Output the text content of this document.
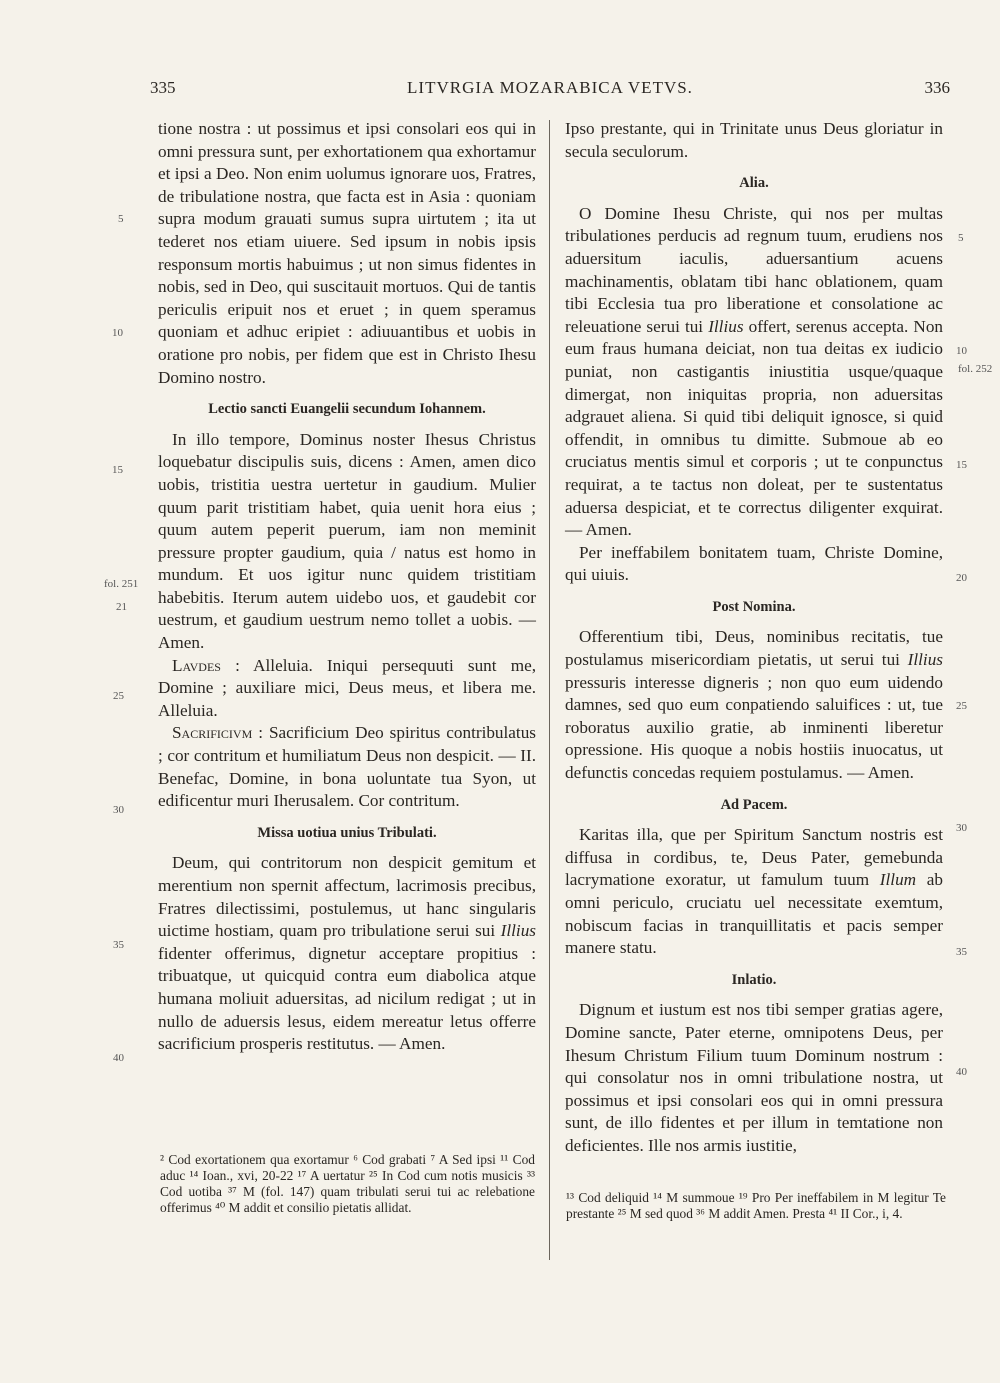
335	LITVRGIA MOZARABICA VETVS.	336

tione nostra : ut possimus et ipsi consolari eos qui in omni pressura sunt, per exhortationem qua exhortamur et ipsi a Deo. Non enim uolumus ignorare uos, Fratres, de tribulatione nostra, que facta est in Asia : quoniam supra modum grauati sumus supra uirtutem ; ita ut tederet nos etiam uiuere. Sed ipsum in nobis ipsis responsum mortis habuimus ; ut non simus fidentes in nobis, sed in Deo, qui suscitauit mortuos. Qui de tantis periculis eripuit nos et eruet ; in quem speramus quoniam et adhuc eripiet : adiuuantibus et uobis in oratione pro nobis, per fidem que est in Christo Ihesu Domino nostro.

Lectio sancti Euangelii secundum Iohannem.

In illo tempore, Dominus noster Ihesus Christus loquebatur discipulis suis, dicens : Amen, amen dico uobis, tristitia uestra uertetur in gaudium. Mulier quum parit tristitiam habet, quia uenit hora eius ; quum autem peperit puerum, iam non meminit pressure propter gaudium, quia / natus est homo in mundum. Et uos igitur nunc quidem tristitiam habebitis. Iterum autem uidebo uos, et gaudebit cor uestrum, et gaudium uestrum nemo tollet a uobis. — Amen.

Lavdes : Alleluia. Iniqui persequuti sunt me, Domine ; auxiliare mici, Deus meus, et libera me. Alleluia.

Sacrificivm : Sacrificium Deo spiritus contribulatus ; cor contritum et humiliatum Deus non despicit. — II. Benefac, Domine, in bona uoluntate tua Syon, ut edificentur muri Iherusalem. Cor contritum.

Missa uotiua unius Tribulati.

Deum, qui contritorum non despicit gemitum et merentium non spernit affectum, lacrimosis precibus, Fratres dilectissimi, postulemus, ut hanc singularis uictime hostiam, quam pro tribulatione serui sui Illius fidenter offerimus, dignetur acceptare propitius : tribuatque, ut quicquid contra eum diabolica atque humana moliuit aduersitas, ad nicilum redigat ; ut in nullo de aduersis lesus, eidem mereatur letus offerre sacrificium prosperis restitutus. — Amen.

5
10
15
fol. 251
21
25
30
35
40
² Cod exortationem qua exortamur ⁶ Cod grabati ⁷ A Sed ipsi ¹¹ Cod aduc ¹⁴ Ioan., xvi, 20-22 ¹⁷ A uertatur ²⁵ In Cod cum notis musicis ³³ Cod uotiba ³⁷ M (fol. 147) quam tribulati serui tui ac relebatione offerimus ⁴⁰ M addit et consilio pietatis allidat.

Ipso prestante, qui in Trinitate unus Deus gloriatur in secula seculorum.

Alia.

O Domine Ihesu Christe, qui nos per multas tribulationes perducis ad regnum tuum, erudiens nos aduersitum iaculis, aduersantium acuens machinamentis, oblatam tibi hanc oblationem, quam tibi Ecclesia tua pro liberatione et consolatione ac releuatione serui tui Illius offert, serenus accepta. Non eum fraus humana deiciat, non tua deitas ex iudicio puniat, non castigantis iniustitia usque/quaque dimergat, non iniquitas propria, non aduersitas adgrauet aliena. Si quid tibi deliquit ignosce, si quid offendit, in omnibus tu dimitte. Submoue ab eo cruciatus mentis simul et corporis ; ut te conpunctus requirat, a te tactus non doleat, per te sustentatus aduersa despiciat, et te correctus diligenter exquirat. — Amen.

Per ineffabilem bonitatem tuam, Christe Domine, qui uiuis.

Post Nomina.

Offerentium tibi, Deus, nominibus recitatis, tue postulamus misericordiam pietatis, ut serui tui Illius pressuris interesse digneris ; non quo eum uidendo damnes, sed quo eum conpatiendo saluifices : ut, tue roboratus auxilio gratie, ab inminenti liberetur opressione. His quoque a nobis hostiis inuocatus, ut defunctis concedas requiem postulamus. — Amen.

Ad Pacem.

Karitas illa, que per Spiritum Sanctum nostris est diffusa in cordibus, te, Deus Pater, gemebunda lacrymatione exoratur, ut famulum tuum Illum ab omni periculo, cruciatu uel necessitate exemtum, nobiscum facias in tranquillitatis et pacis semper manere statu.

Inlatio.

Dignum et iustum est nos tibi semper gratias agere, Domine sancte, Pater eterne, omnipotens Deus, per Ihesum Christum Filium tuum Dominum nostrum : qui consolatur nos in omni tribulatione nostra, ut possimus et ipsi consolari eos qui in omni pressura sunt, de illo fidentes et per illum in temtatione non deficientes. Ille nos armis iustitie,

5
10
fol. 252
15
20
25
30
35
40
¹³ Cod deliquid ¹⁴ M summoue ¹⁹ Pro Per ineffabilem in M legitur Te prestante ²⁵ M sed quod ³⁶ M addit Amen. Presta ⁴¹ II Cor., i, 4.
